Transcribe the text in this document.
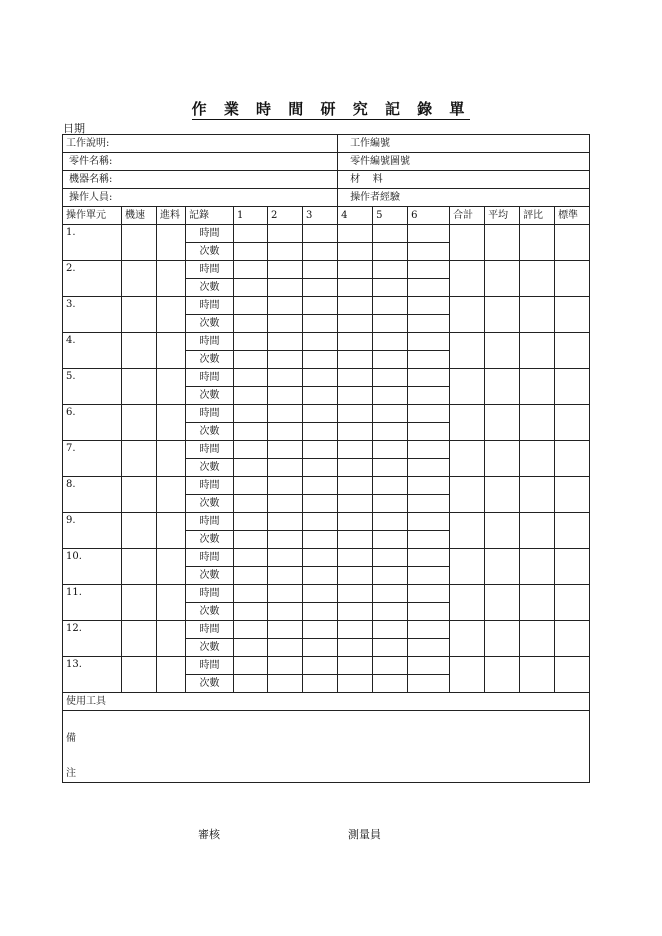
作 業 時 間 研 究 記 錄 單
日期
工作說明:							工作編號						
零件名稱:							零件編號圖號						
機器名稱:							材    料						
操作人員:							操作者經驗						
操作單元	機速	進料	記錄	1	2	3	4	5	6	合計	平均	評比	標準
1.			時間										
			次數										
2.			時間										
			次數										
3.			時間										
			次數										
4.			時間										
			次數										
5.			時間										
			次數										
6.			時間										
			次數										
7.			時間										
			次數										
8.			時間										
			次數										
9.			時間										
			次數										
10.			時間										
			次數										
11.			時間										
			次數										
12.			時間										
			次數										
13.			時間										
			次數										
使用工具													

備
注													
審核	測量員
